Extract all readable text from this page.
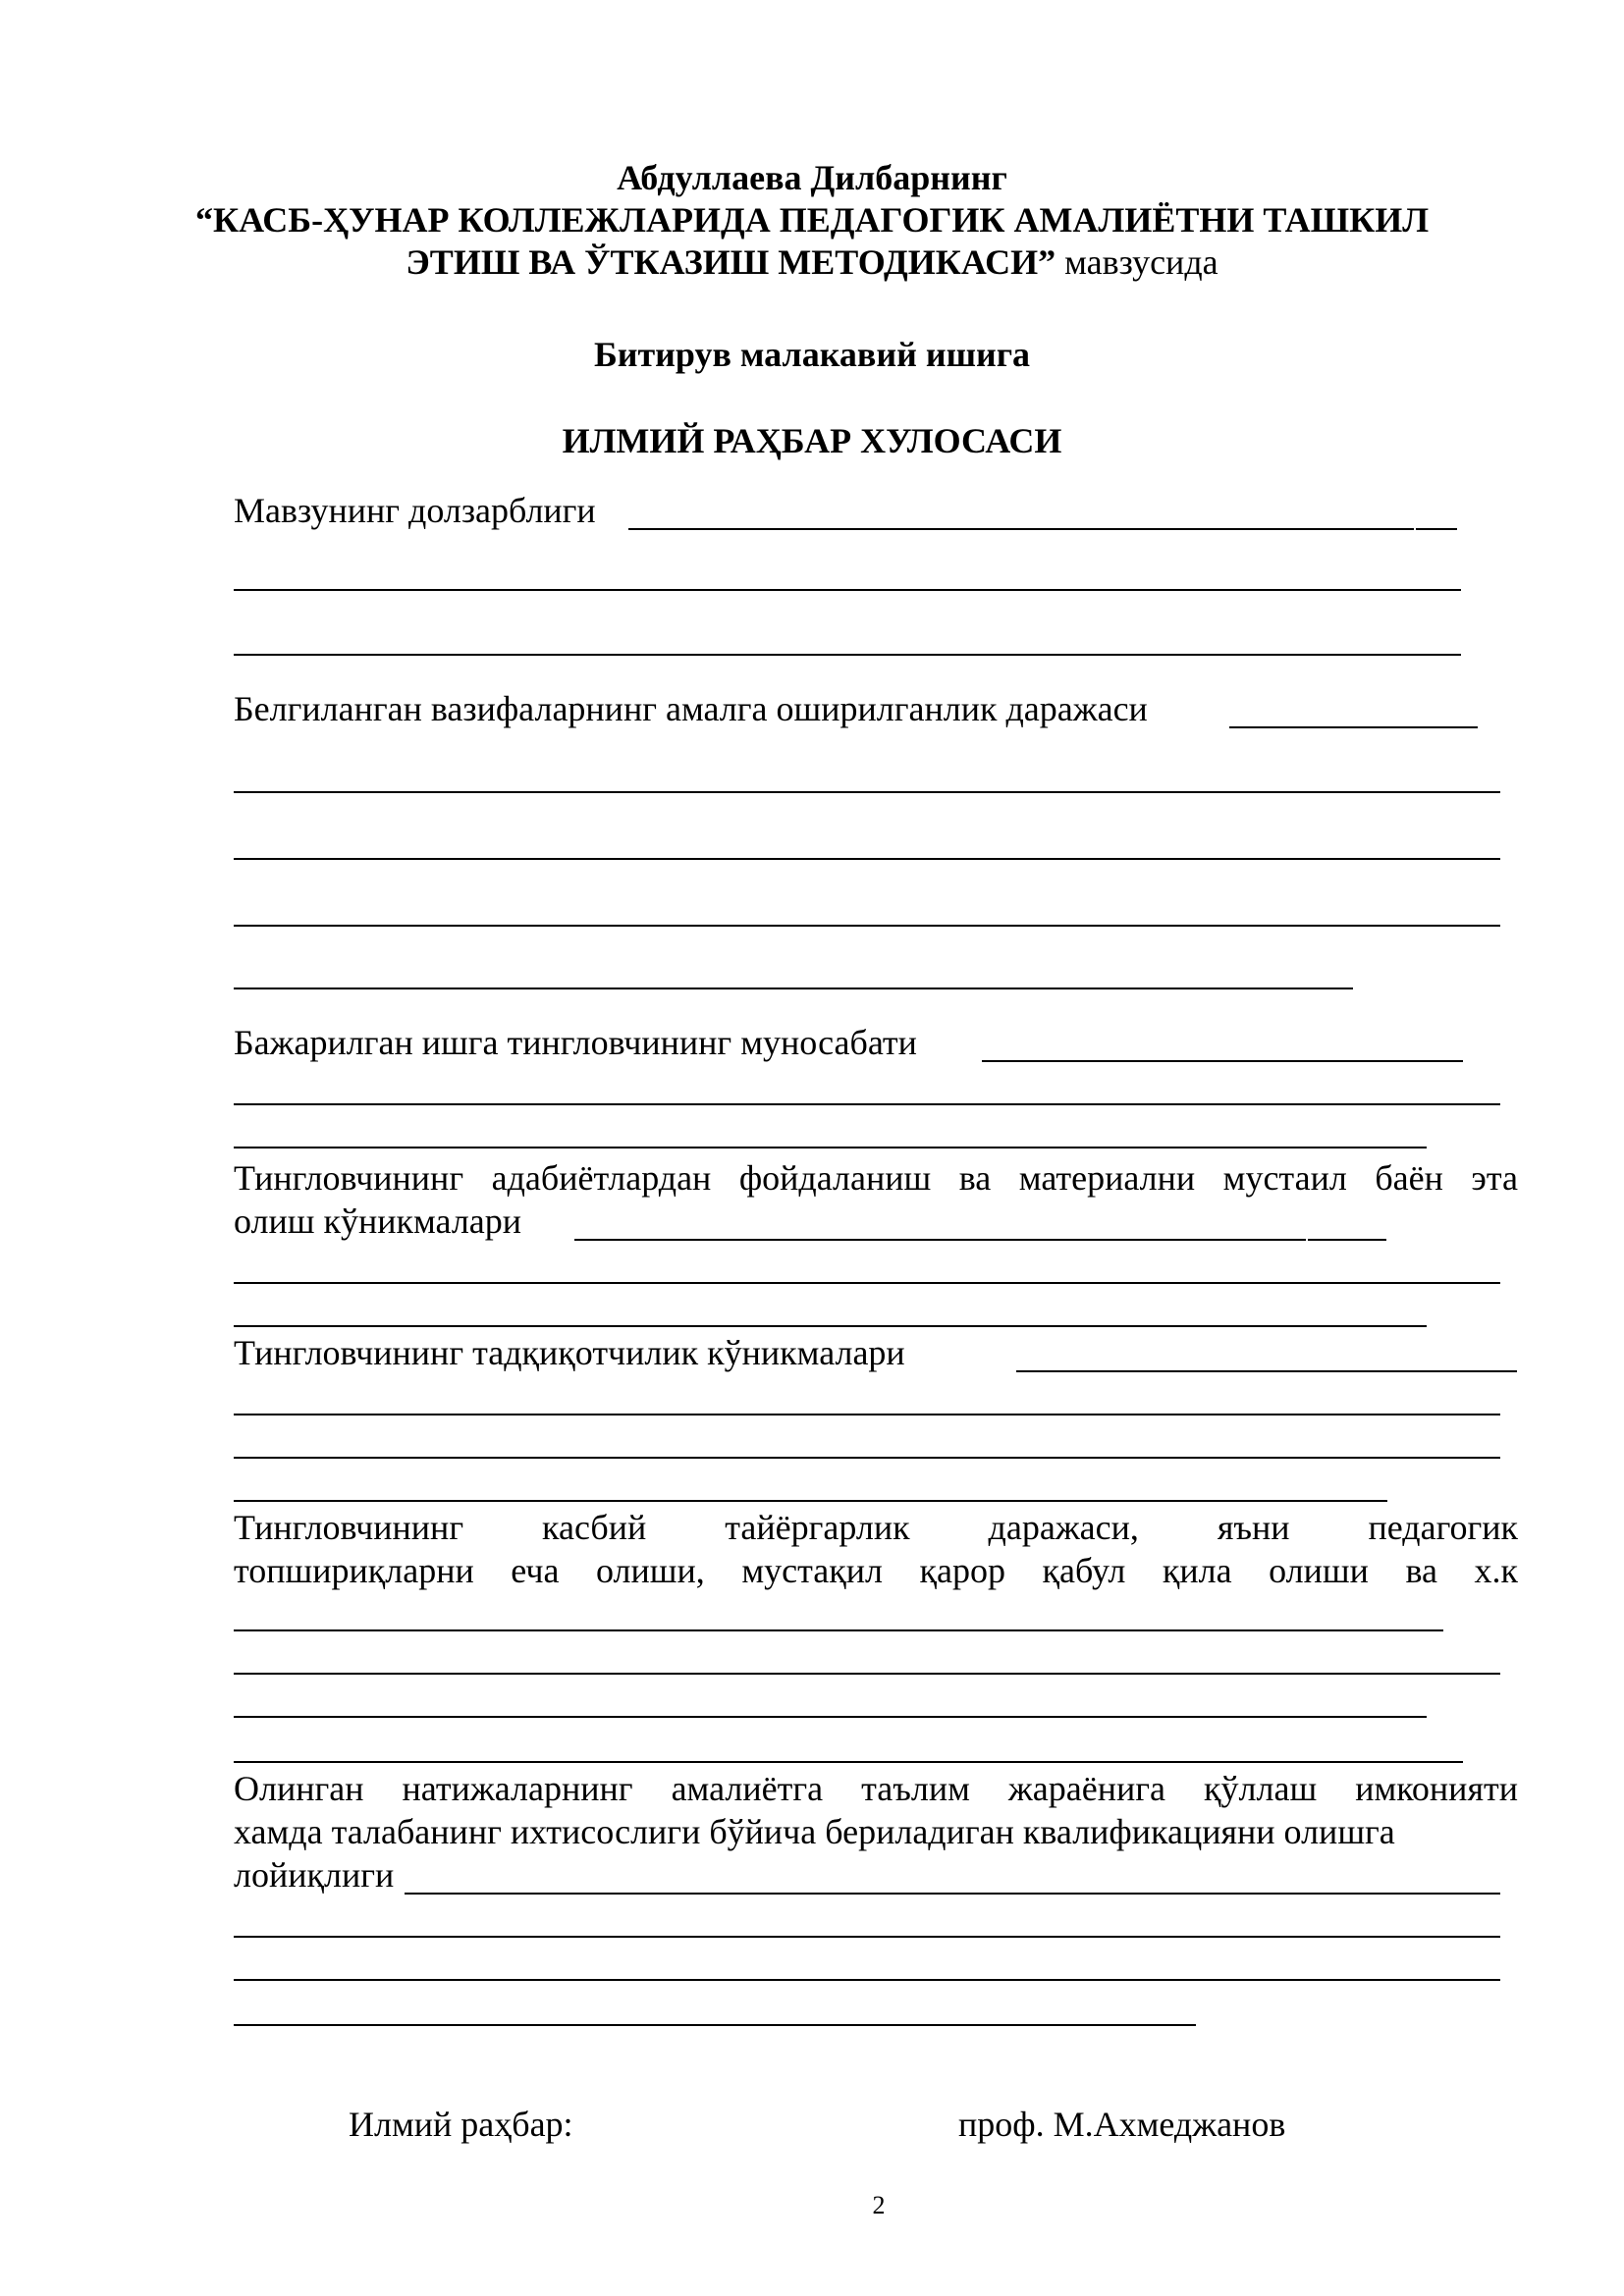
Абдуллаева Дилбарнинг
“КАСБ-ҲУНАР КОЛЛЕЖЛАРИДА ПЕДАГОГИК АМАЛИЁТНИ ТАШКИЛ
ЭТИШ ВА ЎТКАЗИШ МЕТОДИКАСИ” мавзусида
Битирув малакавий ишига
ИЛМИЙ РАҲБАР ХУЛОСАСИ
Мавзунинг долзарблиги
Белгиланган вазифаларнинг амалга оширилганлик даражаси
Бажарилган ишга тингловчининг муносабати
Тингловчининг адабиётлардан фойдаланиш ва материални мустаил баён эта
олиш кўникмалари
Тингловчининг тадқиқотчилик кўникмалари
Тингловчининг касбий тайёргарлик даражаси, яъни педагогик
топшириқларни еча олиши, мустақил қарор қабул қила олиши ва х.к
Олинган натижаларнинг амалиётга таълим жараёнига қўллаш имконияти
хамда талабанинг ихтисослиги бўйича бериладиган квалификацияни олишга
лойиқлиги
Илмий раҳбар:	проф. М.Ахмеджанов
2
